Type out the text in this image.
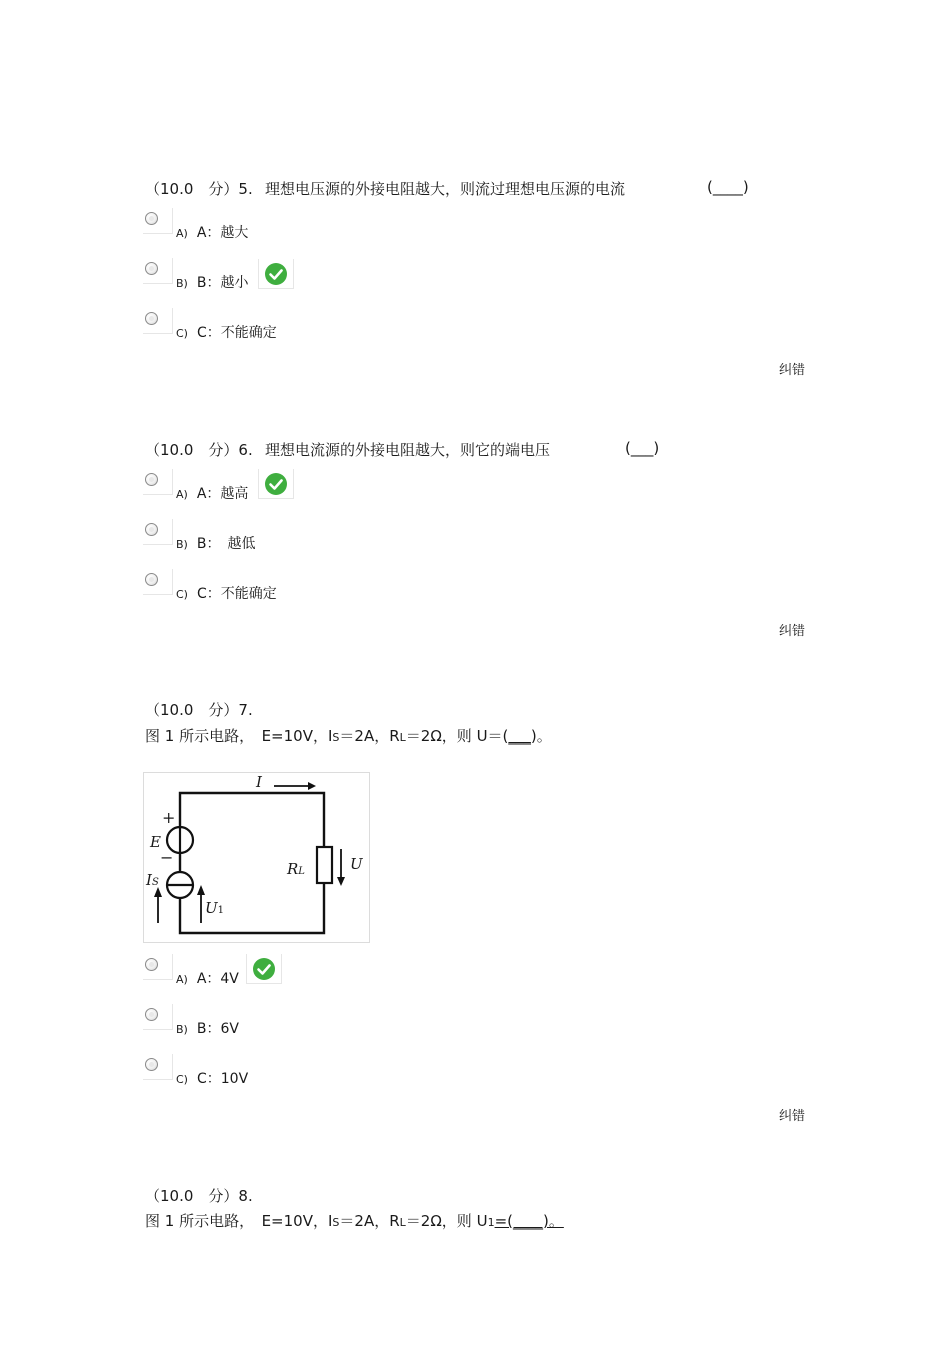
（10.0　分）5. 理想电压源的外接电阻越大，则流过理想电压源的电流	(____)
A) A：越大
B) B：越小
C) C：不能确定
纠错
（10.0　分）6. 理想电流源的外接电阻越大，则它的端电压	(___)
A) A：越高
B) B：　越低
C) C：不能确定
纠错
（10.0　分）7.
图 1 所示电路，　E=10V，IS＝2A，RL＝2Ω，则 U＝(___)。
I
+
E
−
IS
U1
RL	U
A) A：4V
B) B：6V
C) C：10V
纠错
（10.0　分）8.
图 1 所示电路，　E=10V，IS＝2A，RL＝2Ω，则 U1=(____)。
